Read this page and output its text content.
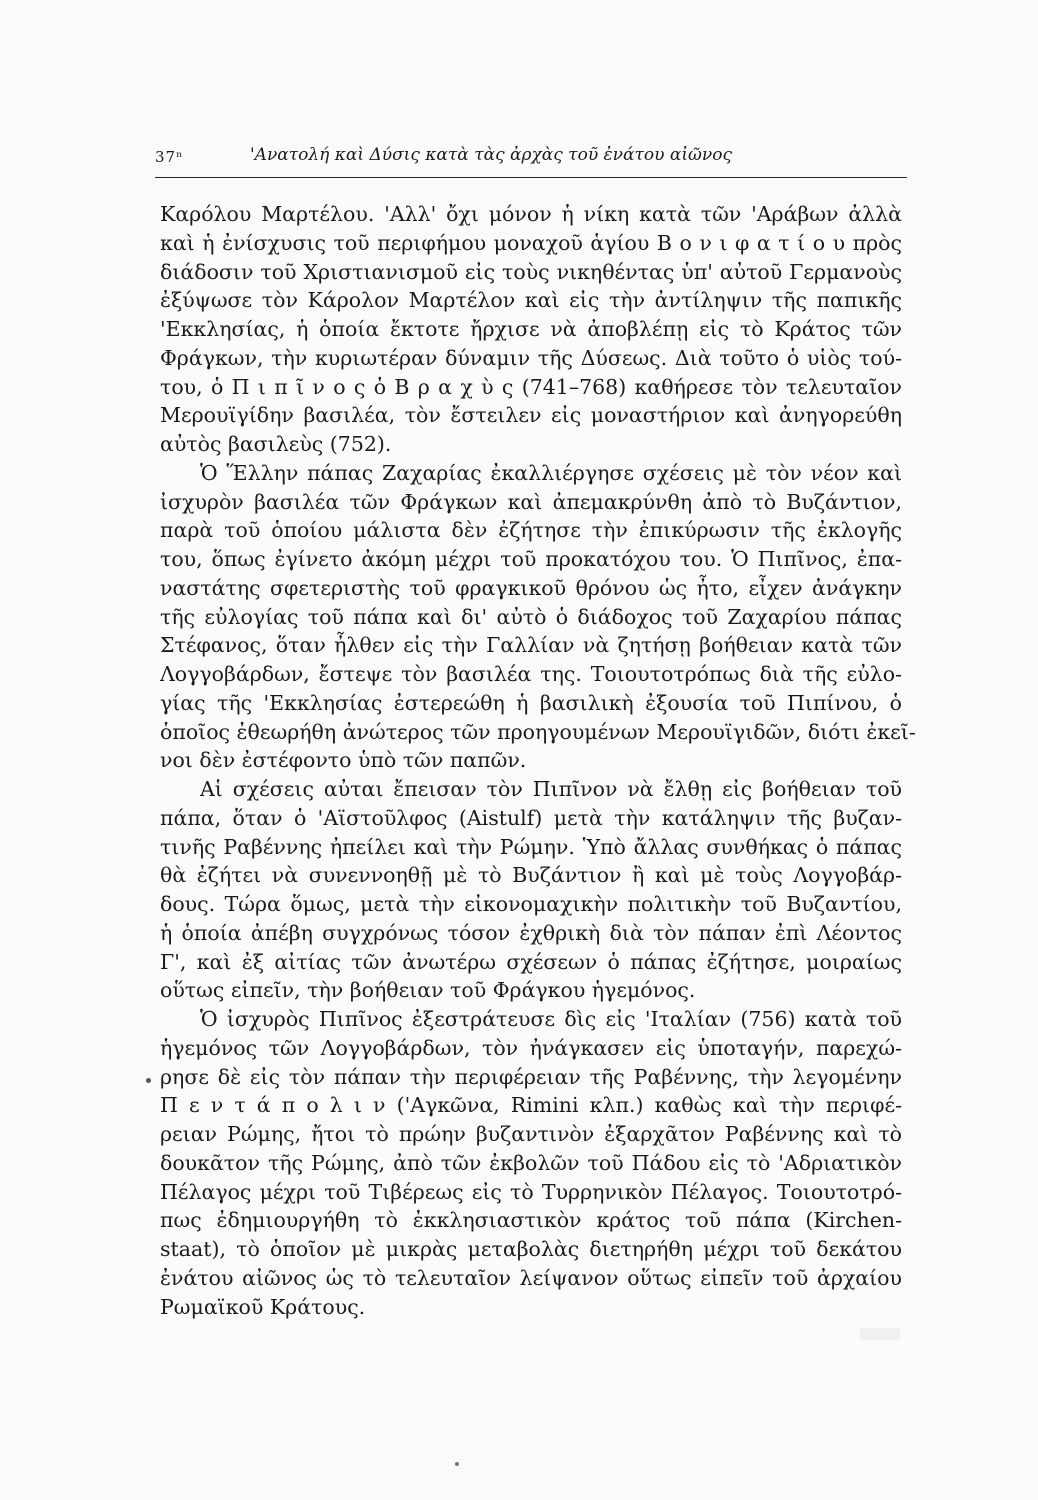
37ⁿ	'Ανατολή καὶ Δύσις κατὰ τὰς ἀρχὰς τοῦ ἐνάτου αἰῶνος
Καρόλου Μαρτέλου. 'Αλλ' ὄχι μόνον ἡ νίκη κατὰ τῶν 'Αράβων ἀλλὰ
καὶ ἡ ἐνίσχυσις τοῦ περιφήμου μοναχοῦ ἁγίου Β ο ν ι φ α τ ί ο υ πρὸς
διάδοσιν τοῦ Χριστιανισμοῦ εἰς τοὺς νικηθέντας ὑπ' αὐτοῦ Γερμανοὺς
ἐξύψωσε τὸν Κάρολον Μαρτέλον καὶ εἰς τὴν ἀντίληψιν τῆς παπικῆς
'Εκκλησίας, ἡ ὁποία ἔκτοτε ἤρχισε νὰ ἀποβλέπῃ εἰς τὸ Κράτος τῶν
Φράγκων, τὴν κυριωτέραν δύναμιν τῆς Δύσεως. Διὰ τοῦτο ὁ υἱὸς τού-
του, ὁ Π ι π ῖ ν ο ς ὁ Β ρ α χ ὺ ς (741–768) καθήρεσε τὸν τελευταῖον
Μερουϊγίδην βασιλέα, τὸν ἔστειλεν εἰς μοναστήριον καὶ ἀνηγορεύθη
αὐτὸς βασιλεὺς (752).
Ὁ Ἕλλην πάπας Ζαχαρίας ἐκαλλιέργησε σχέσεις μὲ τὸν νέον καὶ
ἰσχυρὸν βασιλέα τῶν Φράγκων καὶ ἀπεμακρύνθη ἀπὸ τὸ Βυζάντιον,
παρὰ τοῦ ὁποίου μάλιστα δὲν ἐζήτησε τὴν ἐπικύρωσιν τῆς ἐκλογῆς
του, ὅπως ἐγίνετο ἀκόμη μέχρι τοῦ προκατόχου του. Ὁ Πιπῖνος, ἐπα-
ναστάτης σφετεριστὴς τοῦ φραγκικοῦ θρόνου ὡς ἦτο, εἶχεν ἀνάγκην
τῆς εὐλογίας τοῦ πάπα καὶ δι' αὐτὸ ὁ διάδοχος τοῦ Ζαχαρίου πάπας
Στέφανος, ὅταν ἦλθεν εἰς τὴν Γαλλίαν νὰ ζητήσῃ βοήθειαν κατὰ τῶν
Λογγοβάρδων, ἔστεψε τὸν βασιλέα της. Τοιουτοτρόπως διὰ τῆς εὐλο-
γίας τῆς 'Εκκλησίας ἐστερεώθη ἡ βασιλικὴ ἐξουσία τοῦ Πιπίνου, ὁ
ὁποῖος ἐθεωρήθη ἀνώτερος τῶν προηγουμένων Μερουϊγιδῶν, διότι ἐκεῖ-
νοι δὲν ἐστέφοντο ὑπὸ τῶν παπῶν.
Αἱ σχέσεις αὐται ἔπεισαν τὸν Πιπῖνον νὰ ἔλθῃ εἰς βοήθειαν τοῦ
πάπα, ὅταν ὁ 'Αϊστοῦλφος (Aistulf) μετὰ τὴν κατάληψιν τῆς βυζαν-
τινῆς Ραβέννης ἠπείλει καὶ τὴν Ρώμην. Ὑπὸ ἄλλας συνθήκας ὁ πάπας
θὰ ἐζήτει νὰ συνεννοηθῇ μὲ τὸ Βυζάντιον ἢ καὶ μὲ τοὺς Λογγοβάρ-
δους. Τώρα ὅμως, μετὰ τὴν εἰκονομαχικὴν πολιτικὴν τοῦ Βυζαντίου,
ἡ ὁποία ἀπέβη συγχρόνως τόσον ἐχθρικὴ διὰ τὸν πάπαν ἐπὶ Λέοντος
Γ', καὶ ἐξ αἰτίας τῶν ἀνωτέρω σχέσεων ὁ πάπας ἐζήτησε, μοιραίως
οὕτως εἰπεῖν, τὴν βοήθειαν τοῦ Φράγκου ἡγεμόνος.
Ὁ ἰσχυρὸς Πιπῖνος ἐξεστράτευσε δὶς εἰς 'Ιταλίαν (756) κατὰ τοῦ
ἡγεμόνος τῶν Λογγοβάρδων, τὸν ἠνάγκασεν εἰς ὑποταγήν, παρεχώ-
ρησε δὲ εἰς τὸν πάπαν τὴν περιφέρειαν τῆς Ραβέννης, τὴν λεγομένην
Π ε ν τ ά π ο λ ι ν ('Αγκῶνα, Rimini κλπ.) καθὼς καὶ τὴν περιφέ-
ρειαν Ρώμης, ἤτοι τὸ πρώην βυζαντινὸν ἐξαρχᾶτον Ραβέννης καὶ τὸ
δουκᾶτον τῆς Ρώμης, ἀπὸ τῶν ἐκβολῶν τοῦ Πάδου εἰς τὸ 'Αδριατικὸν
Πέλαγος μέχρι τοῦ Τιβέρεως εἰς τὸ Τυρρηνικὸν Πέλαγος. Τοιουτοτρό-
πως ἐδημιουργήθη τὸ ἐκκλησιαστικὸν κράτος τοῦ πάπα (Kirchen-
staat), τὸ ὁποῖον μὲ μικρὰς μεταβολὰς διετηρήθη μέχρι τοῦ δεκάτου
ἐνάτου αἰῶνος ὡς τὸ τελευταῖον λείψανον οὕτως εἰπεῖν τοῦ ἀρχαίου
Ρωμαϊκοῦ Κράτους.
